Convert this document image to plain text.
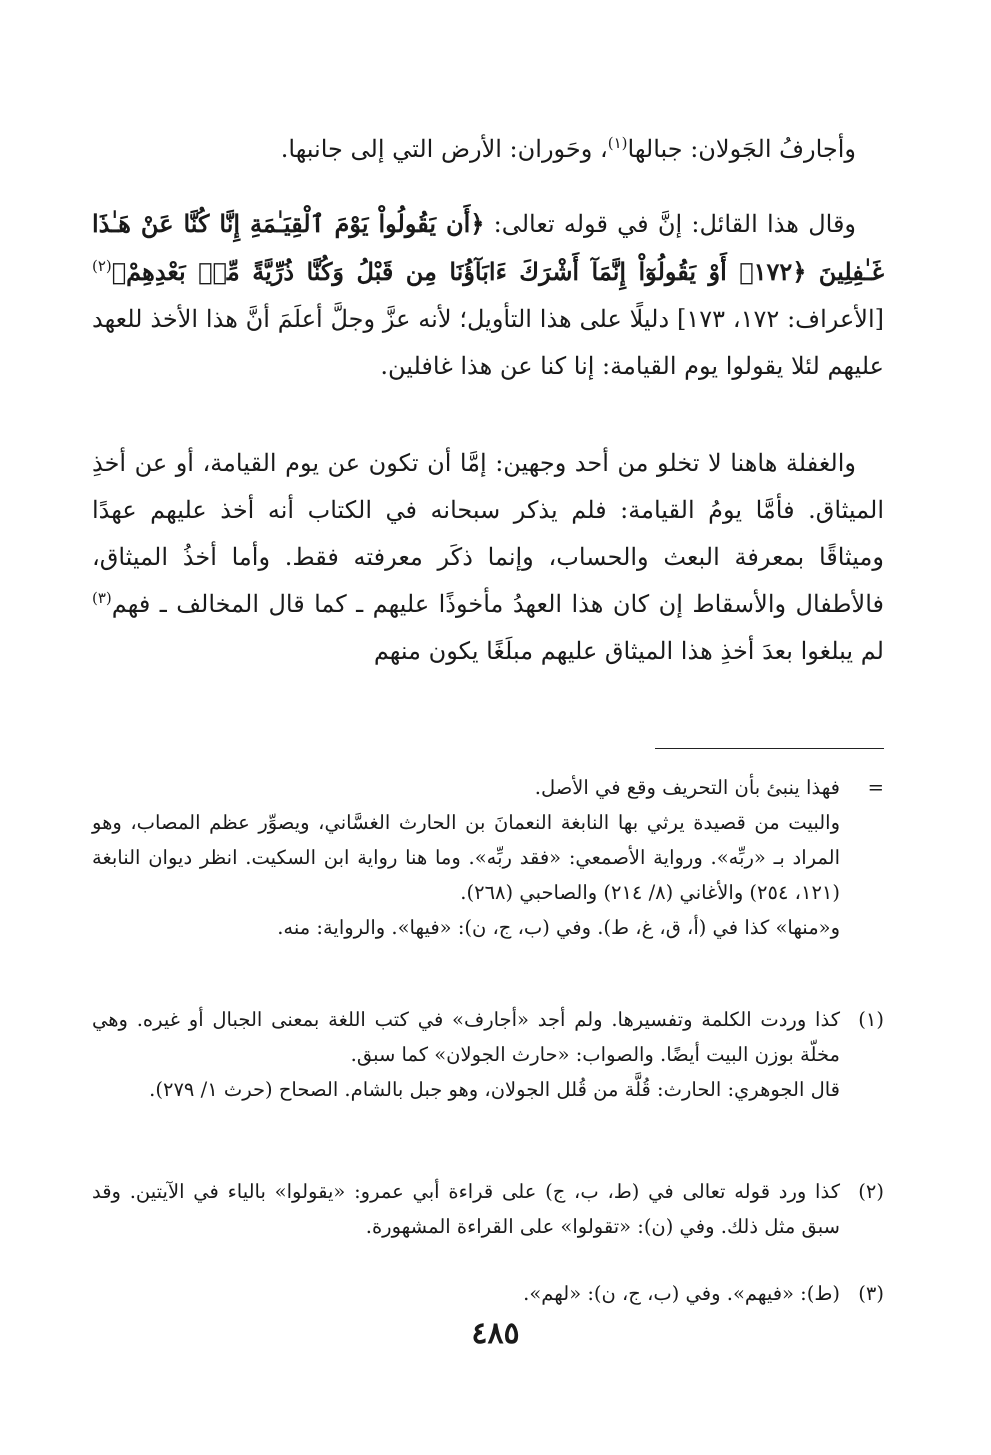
وأجارفُ الجَولان: جبالها$^{(١)}$، وحَوران: الأرض التي إلى جانبها.

وقال هذا القائل: إنَّ في قوله تعالى: ﴿أَن يَقُولُواْ يَوْمَ ٱلْقِيَـٰمَةِ إِنَّا كُنَّا عَنْ هَـٰذَا غَـٰفِلِينَ ﴿١٧٢﴾ أَوْ يَقُولُوٓاْ إِنَّمَآ أَشْرَكَ ءَابَآؤُنَا مِن قَبْلُ وَكُنَّا ذُرِّيَّةً مِّنۢ بَعْدِهِمْ﴾$^{(٢)}$ [الأعراف: ١٧٢، ١٧٣] دليلًا على هذا التأويل؛ لأنه عزَّ وجلَّ أعلَمَ أنَّ هذا الأخذ للعهد عليهم لئلا يقولوا يوم القيامة: إنا كنا عن هذا غافلين.

والغفلة هاهنا لا تخلو من أحد وجهين: إمَّا أن تكون عن يوم القيامة، أو عن أخذِ الميثاق. فأمَّا يومُ القيامة: فلم يذكر سبحانه في الكتاب أنه أخذ عليهم عهدًا وميثاقًا بمعرفة البعث والحساب، وإنما ذكَر معرفته فقط. وأما أخذُ الميثاق، فالأطفال والأسقاط إن كان هذا العهدُ مأخوذًا عليهم ـ كما قال المخالف ـ فهم$^{(٣)}$ لم يبلغوا بعدَ أخذِ هذا الميثاق عليهم مبلَغًا يكون منهم

=
فهذا ينبئ بأن التحريف وقع في الأصل.
والبيت من قصيدة يرثي بها النابغة النعمانَ بن الحارث الغسَّاني، ويصوِّر عظم المصاب، وهو المراد بـ «ربِّه». ورواية الأصمعي: «فقد ربِّه». وما هنا رواية ابن السكيت. انظر ديوان النابغة (١٢١، ٢٥٤) والأغاني (٨/ ٢١٤) والصاحبي (٢٦٨).
و«منها» كذا في (أ، ق، غ، ط). وفي (ب، ج، ن): «فيها». والرواية: منه.
(١)
كذا وردت الكلمة وتفسيرها. ولم أجد «أجارف» في كتب اللغة بمعنى الجبال أو غيره. وهي مخلّة بوزن البيت أيضًا. والصواب: «حارث الجولان» كما سبق.
قال الجوهري: الحارث: قُلَّة من قُلل الجولان، وهو جبل بالشام. الصحاح (حرث ١/ ٢٧٩).
(٢)
كذا ورد قوله تعالى في (ط، ب، ج) على قراءة أبي عمرو: «يقولوا» بالياء في الآيتين. وقد سبق مثل ذلك. وفي (ن): «تقولوا» على القراءة المشهورة.
(٣)
(ط): «فيهم». وفي (ب، ج، ن): «لهم».
٤٨٥
